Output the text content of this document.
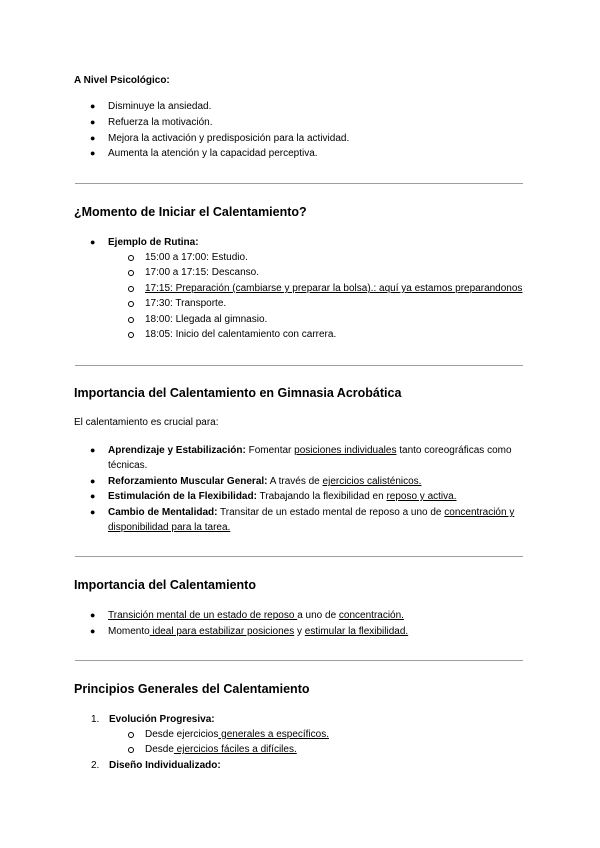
A Nivel Psicológico:
● Disminuye la ansiedad.
● Refuerza la motivación.
● Mejora la activación y predisposición para la actividad.
● Aumenta la atención y la capacidad perceptiva.
¿Momento de Iniciar el Calentamiento?
● Ejemplo de Rutina:
15:00 a 17:00: Estudio.
17:00 a 17:15: Descanso.
17:15: Preparación (cambiarse y preparar la bolsa).: aquí ya estamos preparandonos
17:30: Transporte.
18:00: Llegada al gimnasio.
18:05: Inicio del calentamiento con carrera.
Importancia del Calentamiento en Gimnasia Acrobática
El calentamiento es crucial para:
● Aprendizaje y Estabilización: Fomentar posiciones individuales tanto coreográficas como
técnicas.
● Reforzamiento Muscular General: A través de ejercicios calisténicos.
● Estimulación de la Flexibilidad: Trabajando la flexibilidad en reposo y activa.
● Cambio de Mentalidad: Transitar de un estado mental de reposo a uno de concentración y
disponibilidad para la tarea.
Importancia del Calentamiento
● Transición mental de un estado de reposo a uno de concentración.
● Momento ideal para estabilizar posiciones y estimular la flexibilidad.
Principios Generales del Calentamiento
1. Evolución Progresiva:
Desde ejercicios generales a específicos.
Desde ejercicios fáciles a difíciles.
2. Diseño Individualizado:
